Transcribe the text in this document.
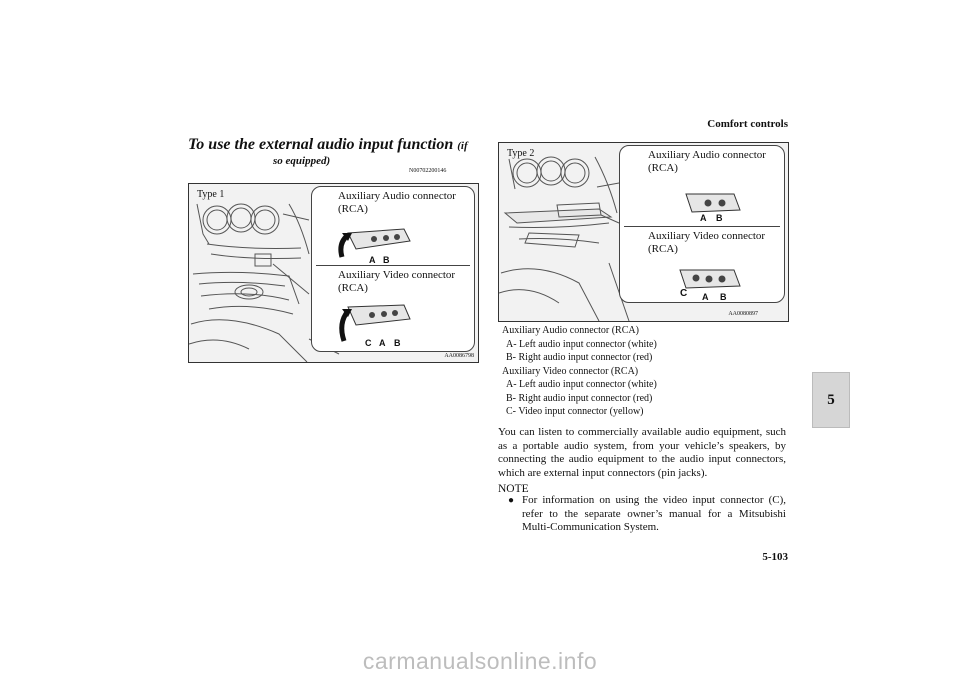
Comfort controls
5
To use the external audio input function (if
so equipped)
N00702200146
Type 1	Auxiliary Audio connector (RCA)
Auxiliary Video connector (RCA)
A B
C A B
AA0086798
Type 2	Auxiliary Audio connector (RCA)
A B
Auxiliary Video connector (RCA)
C A B
AA0080897
Auxiliary Audio connector (RCA)
A- Left audio input connector (white)
B- Right audio input connector (red)
Auxiliary Video connector (RCA)
A- Left audio input connector (white)
B- Right audio input connector (red)
C- Video input connector (yellow)
You can listen to commercially available audio equipment, such as a portable audio system, from your vehicle’s speakers, by connecting the audio equipment to the audio input connectors, which are external input connectors (pin jacks).
NOTE
● For information on using the video input connector (C), refer to the separate owner’s manual for a Mitsubishi Multi-Communication System.
5-103
carmanualsonline.info
